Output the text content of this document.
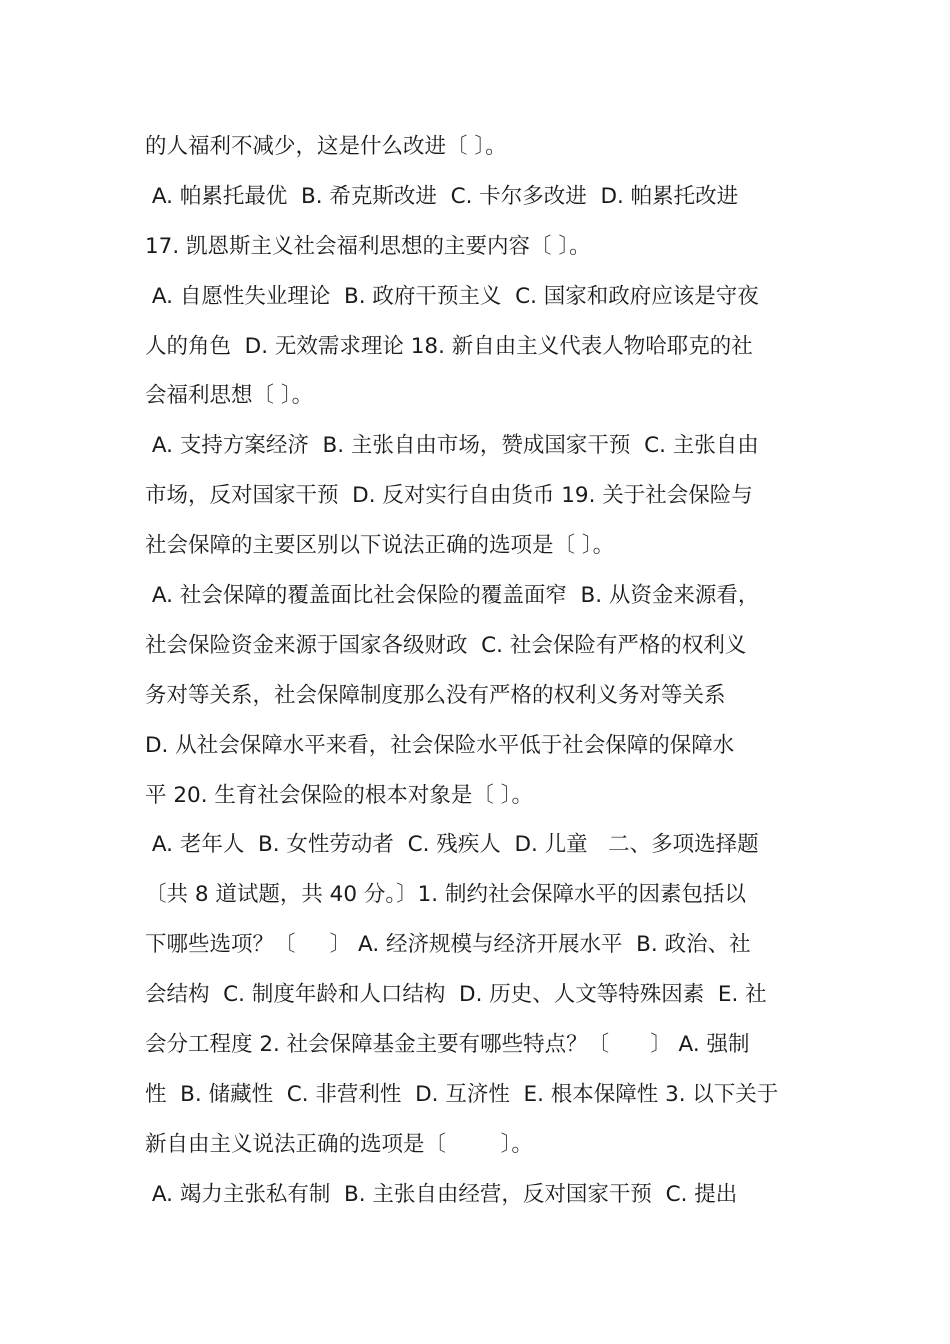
的人福利不减少，这是什么改进〔 〕。
A. 帕累托最优  B. 希克斯改进  C. 卡尔多改进  D. 帕累托改进
17. 凯恩斯主义社会福利思想的主要内容〔 〕。
A. 自愿性失业理论  B. 政府干预主义  C. 国家和政府应该是守夜
人的角色  D. 无效需求理论 18. 新自由主义代表人物哈耶克的社
会福利思想〔 〕。
A. 支持方案经济  B. 主张自由市场，赞成国家干预  C. 主张自由
市场，反对国家干预  D. 反对实行自由货币 19. 关于社会保险与
社会保障的主要区别以下说法正确的选项是〔 〕。
A. 社会保障的覆盖面比社会保险的覆盖面窄  B. 从资金来源看，
社会保险资金来源于国家各级财政  C. 社会保险有严格的权利义
务对等关系，社会保障制度那么没有严格的权利义务对等关系
D. 从社会保障水平来看，社会保险水平低于社会保障的保障水
平 20. 生育社会保险的根本对象是〔 〕。
A. 老年人  B. 女性劳动者  C. 残疾人  D. 儿童   二、多项选择题
〔共 8 道试题，共 40 分。〕1. 制约社会保障水平的因素包括以
下哪些选项？〔     〕 A. 经济规模与经济开展水平  B. 政治、社
会结构  C. 制度年龄和人口结构  D. 历史、人文等特殊因素  E. 社
会分工程度 2. 社会保障基金主要有哪些特点？〔      〕 A. 强制
性  B. 储藏性  C. 非营利性  D. 互济性  E. 根本保障性 3. 以下关于
新自由主义说法正确的选项是〔        〕。
A. 竭力主张私有制  B. 主张自由经营，反对国家干预  C. 提出
